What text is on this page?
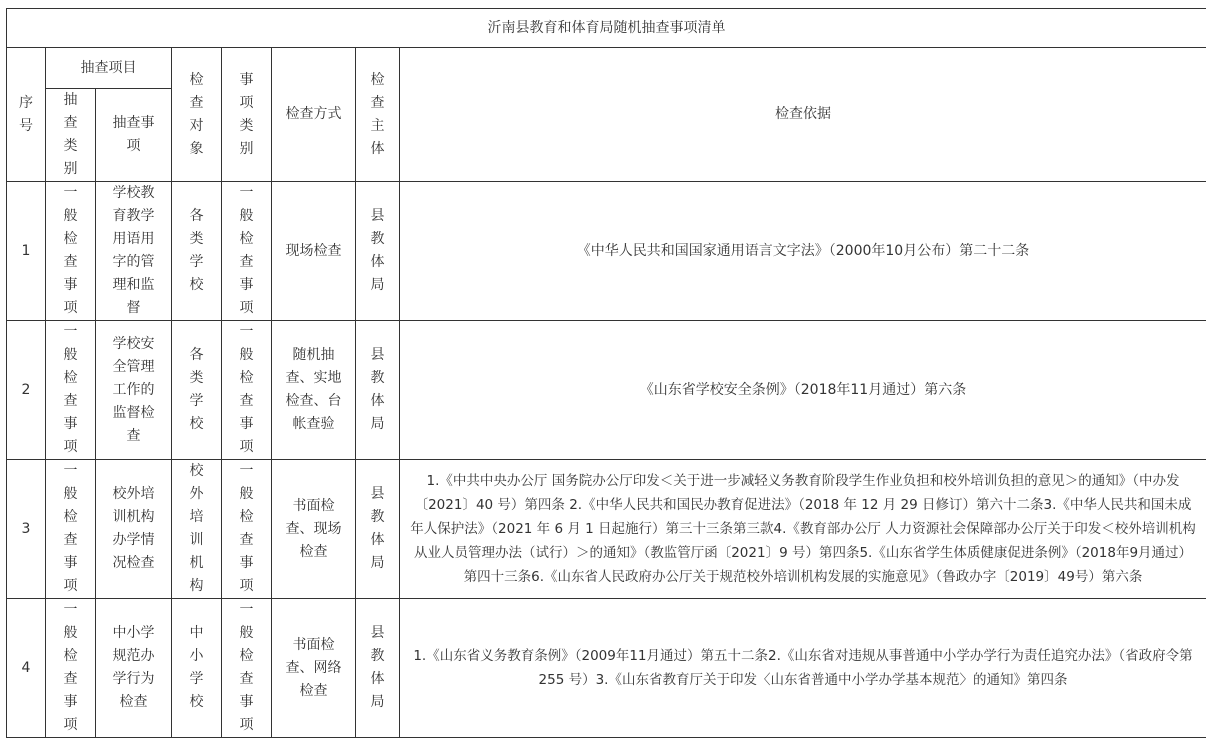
沂南县教育和体育局随机抽查事项清单							
序号	抽查项目		检查对象	事项类别	检查方式	检查主体	检查依据
	抽查类别	抽查事项					
1	一般检查事项	学校教育教学用语用字的管理和监督	各类学校	一般检查事项	现场检查	县教体局	《中华人民共和国国家通用语言文字法》（2000年10月公布）第二十二条
2	一般检查事项	学校安全管理工作的监督检查	各类学校	一般检查事项	随机抽查、实地检查、台帐查验	县教体局	《山东省学校安全条例》（2018年11月通过）第六条
3	一般检查事项	校外培训机构办学情况检查	校外培训机构	一般检查事项	书面检查、现场检查	县教体局	1.《中共中央办公厅 国务院办公厅印发＜关于进一步减轻义务教育阶段学生作业负担和校外培训负担的意见＞的通知》（中办发〔2021〕40 号）第四条 2.《中华人民共和国民办教育促进法》（2018 年 12 月 29 日修订）第六十二条3.《中华人民共和国未成年人保护法》（2021 年 6 月 1 日起施行）第三十三条第三款4.《教育部办公厅 人力资源社会保障部办公厅关于印发＜校外培训机构从业人员管理办法（试行）＞的通知》（教监管厅函〔2021〕9 号）第四条5.《山东省学生体质健康促进条例》（2018年9月通过）第四十三条6.《山东省人民政府办公厅关于规范校外培训机构发展的实施意见》（鲁政办字〔2019〕49号）第六条
4	一般检查事项	中小学规范办学行为检查	中小学校	一般检查事项	书面检查、网络检查	县教体局	1.《山东省义务教育条例》（2009年11月通过）第五十二条2.《山东省对违规从事普通中小学办学行为责任追究办法》（省政府令第 255 号）3.《山东省教育厅关于印发〈山东省普通中小学办学基本规范〉的通知》第四条
